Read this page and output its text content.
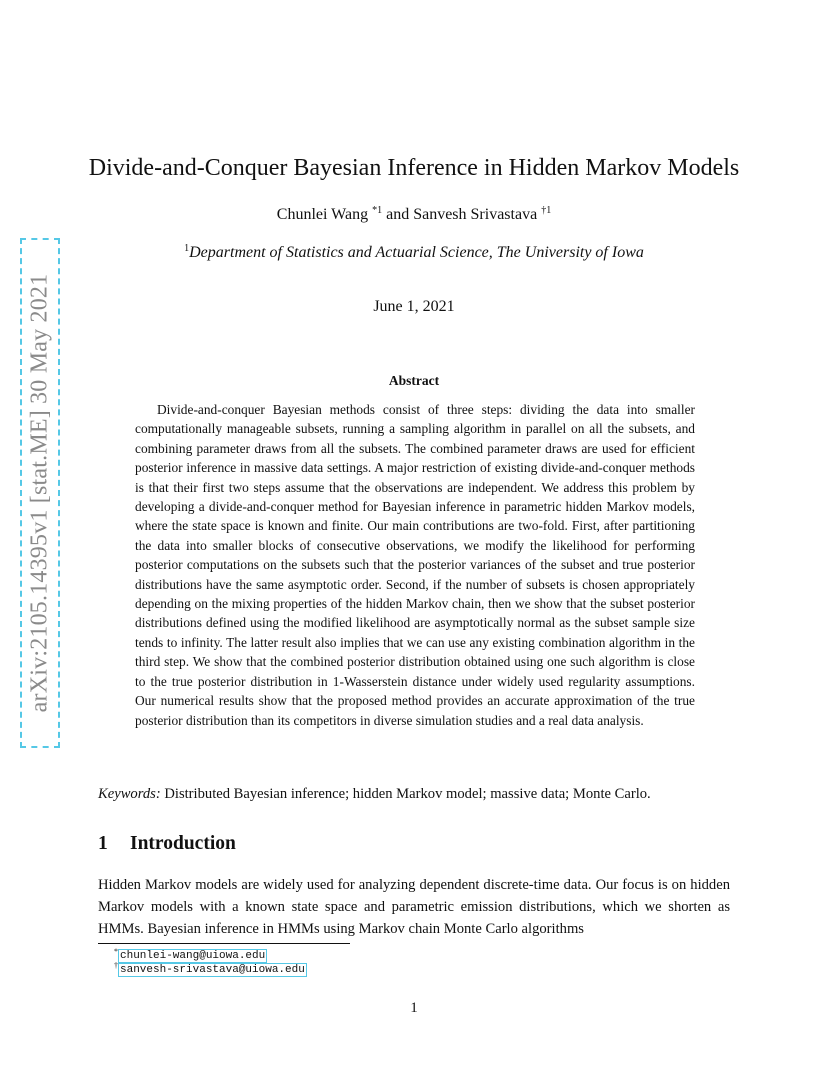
arXiv:2105.14395v1 [stat.ME] 30 May 2021
Divide-and-Conquer Bayesian Inference in Hidden Markov Models
Chunlei Wang $^{*1}$ and Sanvesh Srivastava $^{\dagger 1}$
$^1$Department of Statistics and Actuarial Science, The University of Iowa
June 1, 2021
Abstract
Divide-and-conquer Bayesian methods consist of three steps: dividing the data into smaller computationally manageable subsets, running a sampling algorithm in parallel on all the subsets, and combining parameter draws from all the subsets. The combined parameter draws are used for efficient posterior inference in massive data settings. A major restriction of existing divide-and-conquer methods is that their first two steps assume that the observations are independent. We address this problem by developing a divide-and-conquer method for Bayesian inference in parametric hidden Markov models, where the state space is known and finite. Our main contributions are two-fold. First, after partitioning the data into smaller blocks of consecutive observations, we modify the likelihood for performing posterior computations on the subsets such that the posterior variances of the subset and true posterior distributions have the same asymptotic order. Second, if the number of subsets is chosen appropriately depending on the mixing properties of the hidden Markov chain, then we show that the subset posterior distributions defined using the modified likelihood are asymptotically normal as the subset sample size tends to infinity. The latter result also implies that we can use any existing combination algorithm in the third step. We show that the combined posterior distribution obtained using one such algorithm is close to the true posterior distribution in 1-Wasserstein distance under widely used regularity assumptions. Our numerical results show that the proposed method provides an accurate approximation of the true posterior distribution than its competitors in diverse simulation studies and a real data analysis.
Keywords: Distributed Bayesian inference; hidden Markov model; massive data; Monte Carlo.
1 Introduction
Hidden Markov models are widely used for analyzing dependent discrete-time data. Our focus is on hidden Markov models with a known state space and parametric emission distributions, which we shorten as HMMs. Bayesian inference in HMMs using Markov chain Monte Carlo algorithms
* chunlei-wang@uiowa.edu
† sanvesh-srivastava@uiowa.edu
1
